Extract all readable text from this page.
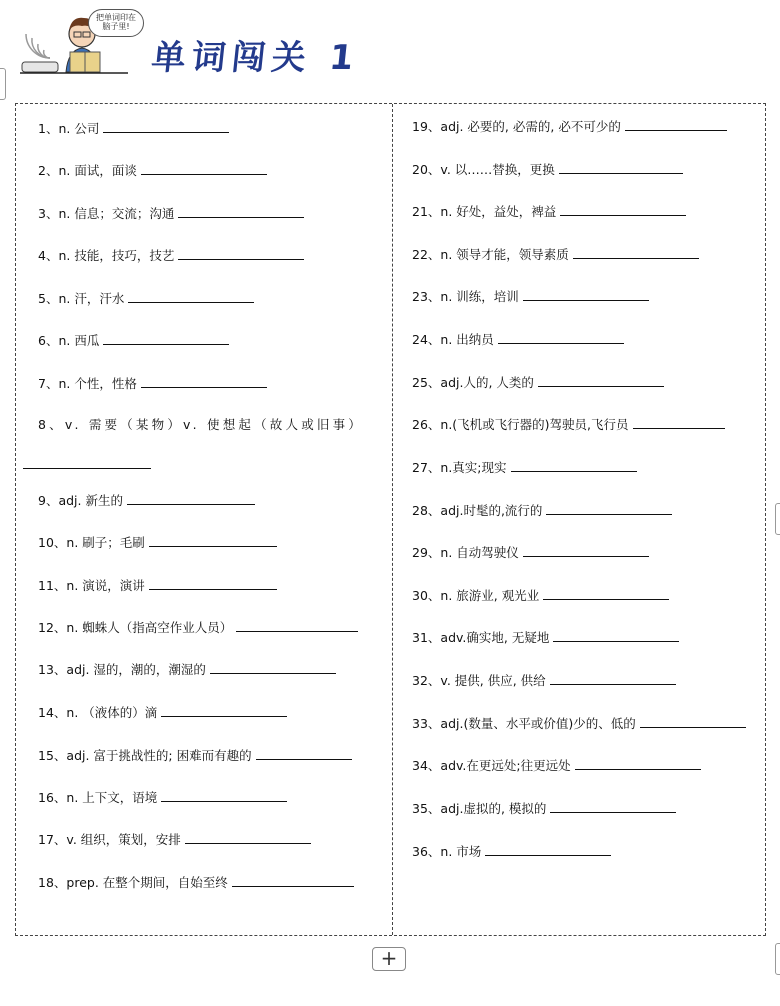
把单词印在
脑子里!
单词闯关 1
1、n. 公司
2、n. 面试，面谈
3、n. 信息；交流；沟通
4、n. 技能，技巧，技艺
5、n. 汗，汗水
6、n. 西瓜
7、n. 个性，性格
8、v. 需要（某物）v. 使想起（故人或旧事）
9、adj. 新生的
10、n. 刷子；毛刷
11、n. 演说，演讲
12、n. 蜘蛛人（指高空作业人员）
13、adj. 湿的，潮的，潮湿的
14、n. （液体的）滴
15、adj. 富于挑战性的; 困难而有趣的
16、n. 上下文，语境
17、v. 组织，策划，安排
18、prep. 在整个期间，自始至终
19、adj. 必要的, 必需的, 必不可少的
20、v. 以……替换，更换
21、n. 好处，益处，裨益
22、n. 领导才能，领导素质
23、n. 训练，培训
24、n. 出纳员
25、adj.人的, 人类的
26、n.(飞机或飞行器的)驾驶员,飞行员
27、n.真实;现实
28、adj.时髦的,流行的
29、n. 自动驾驶仪
30、n. 旅游业, 观光业
31、adv.确实地, 无疑地
32、v. 提供, 供应, 供给
33、adj.(数量、水平或价值)少的、低的
34、adv.在更远处;往更远处
35、adj.虚拟的, 模拟的
36、n. 市场
+
